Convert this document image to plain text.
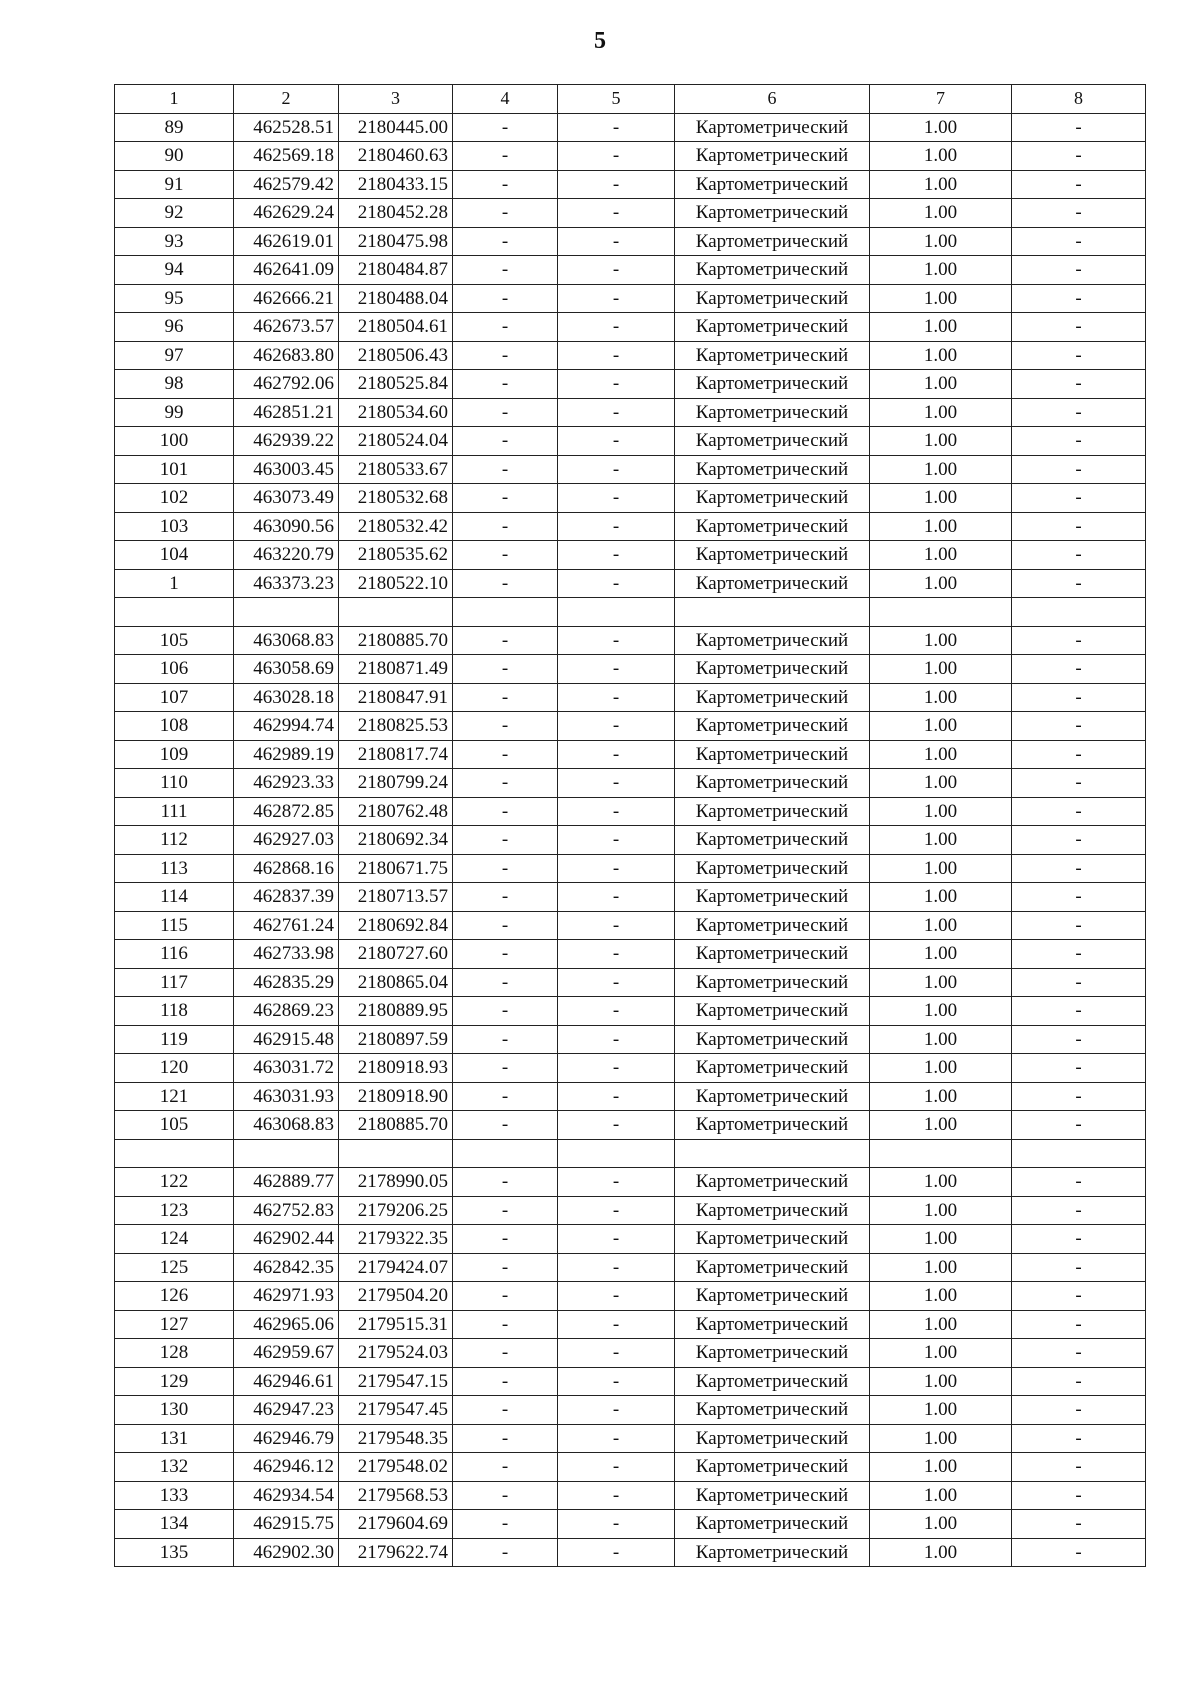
5
1	2	3	4	5	6	7	8
89	462528.51	2180445.00	-	-	Картометрический	1.00	-
90	462569.18	2180460.63	-	-	Картометрический	1.00	-
91	462579.42	2180433.15	-	-	Картометрический	1.00	-
92	462629.24	2180452.28	-	-	Картометрический	1.00	-
93	462619.01	2180475.98	-	-	Картометрический	1.00	-
94	462641.09	2180484.87	-	-	Картометрический	1.00	-
95	462666.21	2180488.04	-	-	Картометрический	1.00	-
96	462673.57	2180504.61	-	-	Картометрический	1.00	-
97	462683.80	2180506.43	-	-	Картометрический	1.00	-
98	462792.06	2180525.84	-	-	Картометрический	1.00	-
99	462851.21	2180534.60	-	-	Картометрический	1.00	-
100	462939.22	2180524.04	-	-	Картометрический	1.00	-
101	463003.45	2180533.67	-	-	Картометрический	1.00	-
102	463073.49	2180532.68	-	-	Картометрический	1.00	-
103	463090.56	2180532.42	-	-	Картометрический	1.00	-
104	463220.79	2180535.62	-	-	Картометрический	1.00	-
1	463373.23	2180522.10	-	-	Картометрический	1.00	-

105	463068.83	2180885.70	-	-	Картометрический	1.00	-
106	463058.69	2180871.49	-	-	Картометрический	1.00	-
107	463028.18	2180847.91	-	-	Картометрический	1.00	-
108	462994.74	2180825.53	-	-	Картометрический	1.00	-
109	462989.19	2180817.74	-	-	Картометрический	1.00	-
110	462923.33	2180799.24	-	-	Картометрический	1.00	-
111	462872.85	2180762.48	-	-	Картометрический	1.00	-
112	462927.03	2180692.34	-	-	Картометрический	1.00	-
113	462868.16	2180671.75	-	-	Картометрический	1.00	-
114	462837.39	2180713.57	-	-	Картометрический	1.00	-
115	462761.24	2180692.84	-	-	Картометрический	1.00	-
116	462733.98	2180727.60	-	-	Картометрический	1.00	-
117	462835.29	2180865.04	-	-	Картометрический	1.00	-
118	462869.23	2180889.95	-	-	Картометрический	1.00	-
119	462915.48	2180897.59	-	-	Картометрический	1.00	-
120	463031.72	2180918.93	-	-	Картометрический	1.00	-
121	463031.93	2180918.90	-	-	Картометрический	1.00	-
105	463068.83	2180885.70	-	-	Картометрический	1.00	-

122	462889.77	2178990.05	-	-	Картометрический	1.00	-
123	462752.83	2179206.25	-	-	Картометрический	1.00	-
124	462902.44	2179322.35	-	-	Картометрический	1.00	-
125	462842.35	2179424.07	-	-	Картометрический	1.00	-
126	462971.93	2179504.20	-	-	Картометрический	1.00	-
127	462965.06	2179515.31	-	-	Картометрический	1.00	-
128	462959.67	2179524.03	-	-	Картометрический	1.00	-
129	462946.61	2179547.15	-	-	Картометрический	1.00	-
130	462947.23	2179547.45	-	-	Картометрический	1.00	-
131	462946.79	2179548.35	-	-	Картометрический	1.00	-
132	462946.12	2179548.02	-	-	Картометрический	1.00	-
133	462934.54	2179568.53	-	-	Картометрический	1.00	-
134	462915.75	2179604.69	-	-	Картометрический	1.00	-
135	462902.30	2179622.74	-	-	Картометрический	1.00	-
